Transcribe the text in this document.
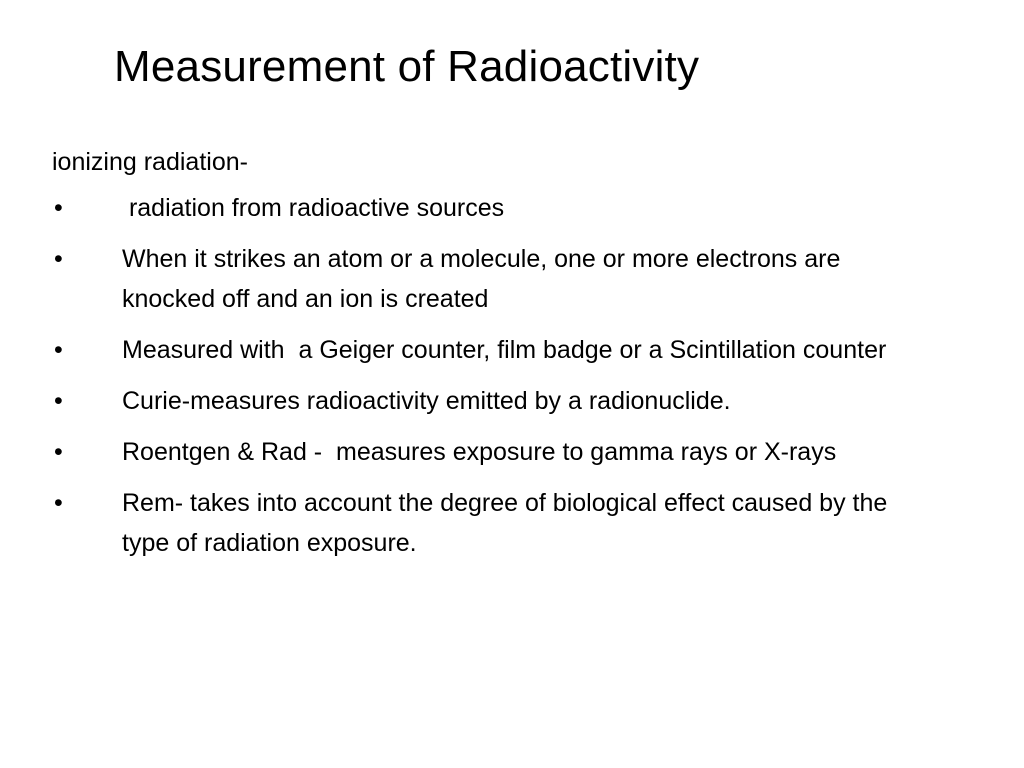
Measurement of Radioactivity

ionizing radiation-

•	radiation from radioactive sources
•	When it strikes an atom or a molecule, one or more electrons are knocked off and an ion is created
•	Measured with  a Geiger counter, film badge or a Scintillation counter
•	Curie-measures radioactivity emitted by a radionuclide.
•	Roentgen & Rad -  measures exposure to gamma rays or X-rays
•	Rem- takes into account the degree of biological effect caused by the type of radiation exposure.
